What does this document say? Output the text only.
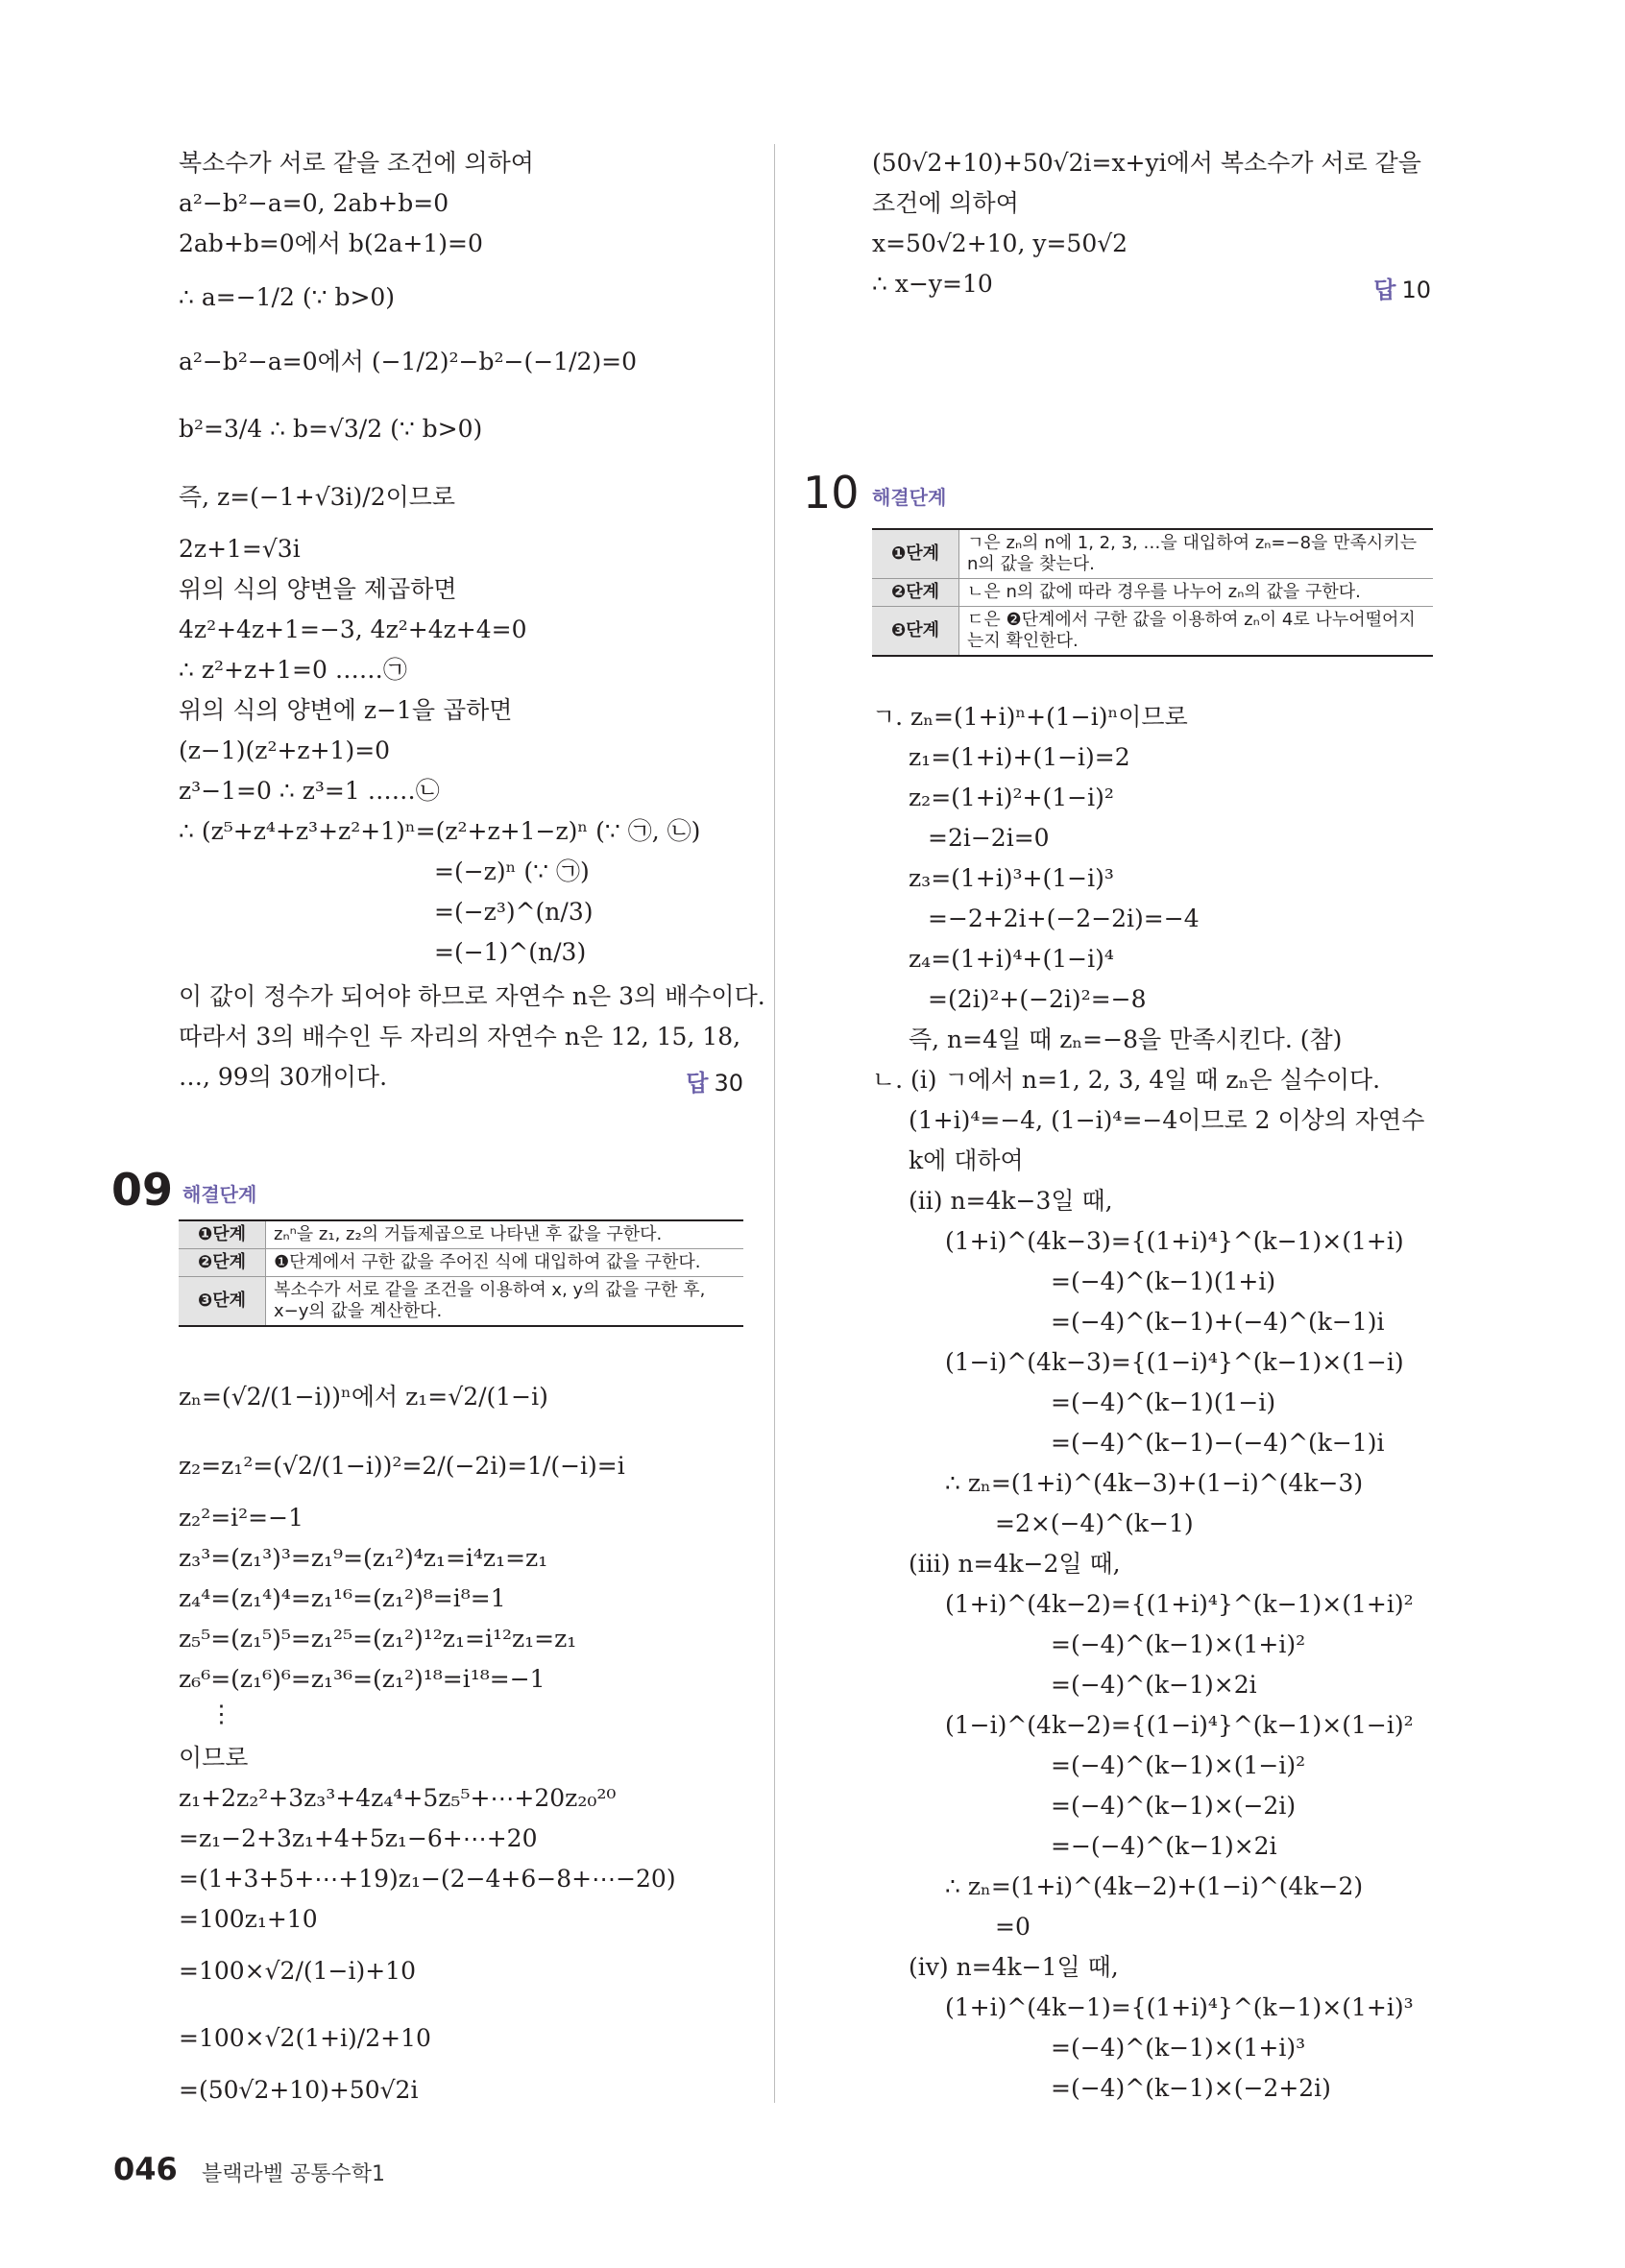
복소수가 서로 같을 조건에 의하여
a²−b²−a=0, 2ab+b=0
2ab+b=0에서 b(2a+1)=0
∴ a=−1/2 (∵ b>0)
a²−b²−a=0에서 (−1/2)²−b²−(−1/2)=0
b²=3/4 ∴ b=√3/2 (∵ b>0)
즉, z=(−1+√3i)/2이므로
2z+1=√3i
위의 식의 양변을 제곱하면
4z²+4z+1=−3, 4z²+4z+4=0
∴ z²+z+1=0 ……㉠
위의 식의 양변에 z−1을 곱하면
(z−1)(z²+z+1)=0
z³−1=0 ∴ z³=1 ……㉡
∴ (z⁵+z⁴+z³+z²+1)ⁿ=(z²+z+1−z)ⁿ (∵ ㉠, ㉡)
=(−z)ⁿ (∵ ㉠)
=(−z³)^(n/3)
=(−1)^(n/3)
이 값이 정수가 되어야 하므로 자연수 n은 3의 배수이다.
따라서 3의 배수인 두 자리의 자연수 n은 12, 15, 18,
…, 99의 30개이다.
zₙ=(√2/(1−i))ⁿ에서 z₁=√2/(1−i)
z₂=z₁²=(√2/(1−i))²=2/(−2i)=1/(−i)=i
z₂²=i²=−1
z₃³=(z₁³)³=z₁⁹=(z₁²)⁴z₁=i⁴z₁=z₁
z₄⁴=(z₁⁴)⁴=z₁¹⁶=(z₁²)⁸=i⁸=1
z₅⁵=(z₁⁵)⁵=z₁²⁵=(z₁²)¹²z₁=i¹²z₁=z₁
z₆⁶=(z₁⁶)⁶=z₁³⁶=(z₁²)¹⁸=i¹⁸=−1
⋮
이므로
z₁+2z₂²+3z₃³+4z₄⁴+5z₅⁵+⋯+20z₂₀²⁰
=z₁−2+3z₁+4+5z₁−6+⋯+20
=(1+3+5+⋯+19)z₁−(2−4+6−8+⋯−20)
=100z₁+10
=100×√2/(1−i)+10
=100×√2(1+i)/2+10
=(50√2+10)+50√2i
답 30
09 해결단계
❶단계	zₙⁿ을 z₁, z₂의 거듭제곱으로 나타낸 후 값을 구한다.
❷단계	❶단계에서 구한 값을 주어진 식에 대입하여 값을 구한다.
❸단계	복소수가 서로 같을 조건을 이용하여 x, y의 값을 구한 후, x−y의 값을 계산한다.
(50√2+10)+50√2i=x+yi에서 복소수가 서로 같을
조건에 의하여
x=50√2+10, y=50√2
∴ x−y=10	답 10
10 해결단계
❶단계	ㄱ은 zₙ의 n에 1, 2, 3, …을 대입하여 zₙ=−8을 만족시키는 n의 값을 찾는다.
❷단계	ㄴ은 n의 값에 따라 경우를 나누어 zₙ의 값을 구한다.
❸단계	ㄷ은 ❷단계에서 구한 값을 이용하여 zₙ이 4로 나누어떨어지는지 확인한다.
ㄱ. zₙ=(1+i)ⁿ+(1−i)ⁿ이므로
z₁=(1+i)+(1−i)=2
z₂=(1+i)²+(1−i)²
=2i−2i=0
z₃=(1+i)³+(1−i)³
=−2+2i+(−2−2i)=−4
z₄=(1+i)⁴+(1−i)⁴
=(2i)²+(−2i)²=−8
즉, n=4일 때 zₙ=−8을 만족시킨다. (참)
ㄴ. (ⅰ) ㄱ에서 n=1, 2, 3, 4일 때 zₙ은 실수이다.
(1+i)⁴=−4, (1−i)⁴=−4이므로 2 이상의 자연수
k에 대하여
(ⅱ) n=4k−3일 때,
(1+i)^(4k−3)={(1+i)⁴}^(k−1)×(1+i)
=(−4)^(k−1)(1+i)
=(−4)^(k−1)+(−4)^(k−1)i
(1−i)^(4k−3)={(1−i)⁴}^(k−1)×(1−i)
=(−4)^(k−1)(1−i)
=(−4)^(k−1)−(−4)^(k−1)i
∴ zₙ=(1+i)^(4k−3)+(1−i)^(4k−3)
=2×(−4)^(k−1)
(ⅲ) n=4k−2일 때,
(1+i)^(4k−2)={(1+i)⁴}^(k−1)×(1+i)²
=(−4)^(k−1)×(1+i)²
=(−4)^(k−1)×2i
(1−i)^(4k−2)={(1−i)⁴}^(k−1)×(1−i)²
=(−4)^(k−1)×(1−i)²
=(−4)^(k−1)×(−2i)
=−(−4)^(k−1)×2i
∴ zₙ=(1+i)^(4k−2)+(1−i)^(4k−2)
=0
(ⅳ) n=4k−1일 때,
(1+i)^(4k−1)={(1+i)⁴}^(k−1)×(1+i)³
=(−4)^(k−1)×(1+i)³
=(−4)^(k−1)×(−2+2i)
046 블랙라벨 공통수학1
